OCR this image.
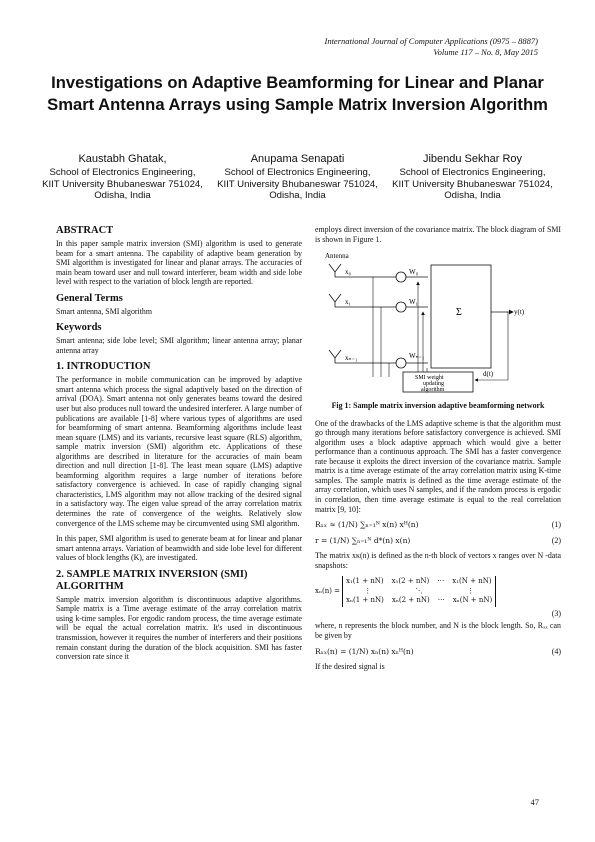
International Journal of Computer Applications (0975 – 8887)
Volume 117 – No. 8, May 2015
Investigations on Adaptive Beamforming for Linear and Planar Smart Antenna Arrays using Sample Matrix Inversion Algorithm
Kaustabh Ghatak,
School of Electronics Engineering, KIIT University Bhubaneswar 751024, Odisha, India
Anupama Senapati
School of Electronics Engineering, KIIT University Bhubaneswar 751024, Odisha, India
Jibendu Sekhar Roy
School of Electronics Engineering, KIIT University Bhubaneswar 751024, Odisha, India
ABSTRACT

In this paper sample matrix inversion (SMI) algorithm is used to generate beam for a smart antenna. The capability of adaptive beam generation by SMI algorithm is investigated for linear and planar arrays. The accuracies of main beam toward user and null toward interferer, beam width and side lobe level with respect to the variation of block length are reported.

General Terms

Smart antenna, SMI algorithm

Keywords

Smart antenna; side lobe level; SMI algorithm; linear antenna array; planar antenna array

1. INTRODUCTION

The performance in mobile communication can be improved by adaptive smart antenna which process the signal adaptively based on the direction of arrival (DOA). Smart antenna not only generates beams toward the desired user but also produces null toward the undesired interferer. A large number of publications are available [1-8] where various types of algorithms are used for beamforming of smart antenna. Beamforming algorithms include least mean square (LMS) and its variants, recursive least square (RLS) algorithm, sample matrix inversion (SMI) algorithm etc. Applications of these algorithms are described in literature for the accuracies of main beam direction and null direction [1-8]. The least mean square (LMS) adaptive beamforming algorithm requires a large number of iterations before satisfactory convergence is achieved. In case of rapidly changing signal characteristics, LMS algorithm may not allow tracking of the desired signal in a satisfactory way. The eigen value spread of the array correlation matrix determines the rate of convergence of the weights. Relatively slow convergence of the LMS scheme may be circumvented using SMI algorithm.

In this paper, SMI algorithm is used to generate beam at for linear and planar smart antenna arrays. Variation of beamwidth and side lobe level for different values of block lengths (K), are investigated.

2. SAMPLE MATRIX INVERSION (SMI) ALGORITHM

Sample matrix inversion algorithm is discontinuous adaptive algorithms. Sample matrix is a Time average estimate of the array correlation matrix using k-time samples. For ergodic random process, the time average estimate will be equal the actual correlation matrix. It's used in discontinuous transmission, however it requires the number of interferers and their positions remain constant during the duration of the block acquisition. SMI has faster conversion rate since it

employs direct inversion of the covariance matrix. The block diagram of SMI is shown in Figure 1.

Antenna
x₀
x₁
xₙ₋₁
W₀
W₁
Wₙ₋₁
Σ	y(t)
SMI weight
updating
algorithm
d(t)
Fig 1: Sample matrix inversion adaptive beamforming network

One of the drawbacks of the LMS adaptive scheme is that the algorithm must go through many iterations before satisfactory convergence is achieved. SMI algorithm uses a block adaptive approach which would give a better performance than a continuous approach. The SMI has a faster convergence rate because it exploits the direct inversion of the covariance matrix. Sample matrix is a time average estimate of the array correlation matrix using K-time samples. The sample matrix is defined as the time average estimate of the array correlation, which uses N samples, and if the random process is ergodic in correlation, then time average estimate is equal to the real correlation matrix [9, 10]:

Rₓₓ ≈ (1/N) ∑ₙ₌₁ᴺ x(n) xᴴ(n)	(1)
r = (1/N) ∑ₙ₌₁ᴺ d*(n) x(n)	(2)

The matrix xκ(n) is defined as the n-th block of vectors x ranges over N -data snapshots:

xₙ(n) =
x₁(1 + nN) x₁(2 + nN) ⋯ x₁(N + nN)
⋮	⋱	⋮
xₙ(1 + nN) xₙ(2 + nN) ⋯ xₙ(N + nN)
(3)

where, n represents the block number, and N is the block length. So, Rₓₓ can be given by

Rₓₓ(n) = (1/N) xₙ(n) xₙᴴ(n)	(4)

If the desired signal is

47
